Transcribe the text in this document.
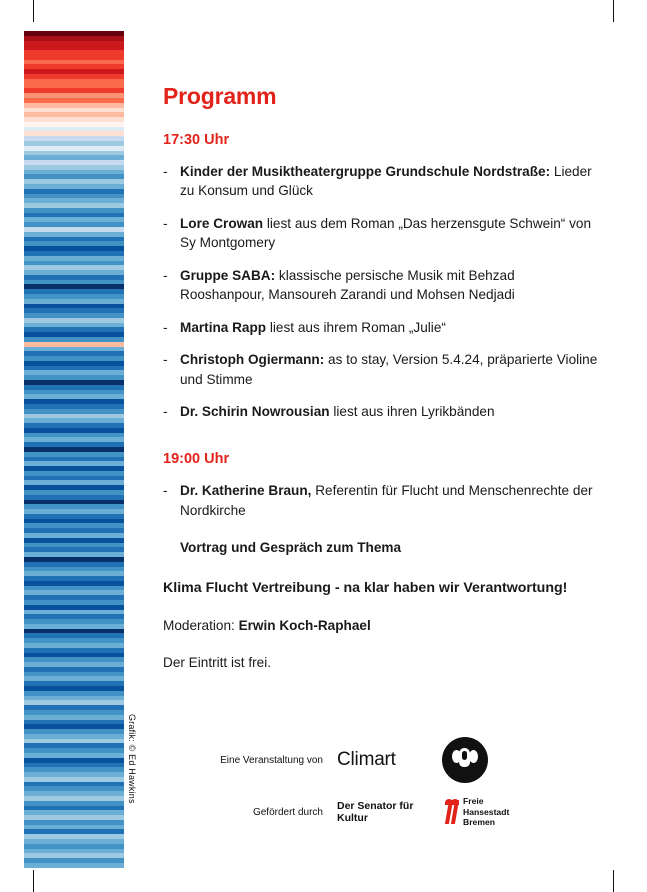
Grafik: © Ed Hawkins
Programm
17:30 Uhr
- Kinder der Musiktheatergruppe Grundschule Nordstraße: Lieder zu Konsum und Glück
- Lore Crowan liest aus dem Roman „Das herzensgute Schwein“ von Sy Montgomery
- Gruppe SABA: klassische persische Musik mit Behzad Rooshanpour, Mansoureh Zarandi und Mohsen Nedjadi
- Martina Rapp liest aus ihrem Roman „Julie“
- Christoph Ogiermann: as to stay, Version 5.4.24, präparierte Violine und Stimme
- Dr. Schirin Nowrousian liest aus ihren Lyrikbänden
19:00 Uhr
- Dr. Katherine Braun, Referentin für Flucht und Menschenrechte der Nordkirche
Vortrag und Gespräch zum Thema
Klima Flucht Vertreibung - na klar haben wir Verantwortung!
Moderation: Erwin Koch-Raphael
Der Eintritt ist frei.
Eine Veranstaltung von Climart
Gefördert durch	Der Senator für Kultur
Freie
Hansestadt
Bremen
